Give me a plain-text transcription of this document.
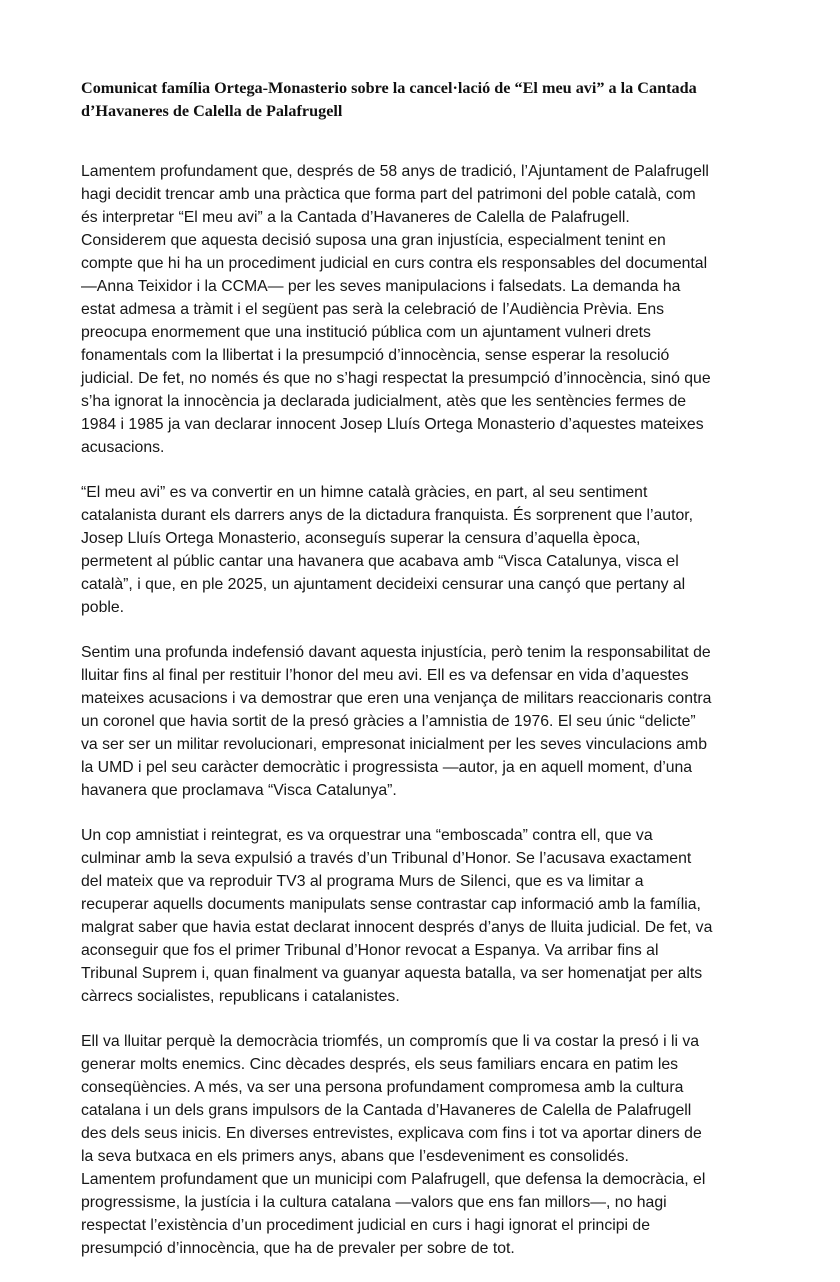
Comunicat família Ortega-Monasterio sobre la cancel·lació de “El meu avi” a la Cantada
d’Havaneres de Calella de Palafrugell
Lamentem profundament que, després de 58 anys de tradició, l’Ajuntament de Palafrugell
hagi decidit trencar amb una pràctica que forma part del patrimoni del poble català, com
és interpretar “El meu avi” a la Cantada d’Havaneres de Calella de Palafrugell.
Considerem que aquesta decisió suposa una gran injustícia, especialment tenint en
compte que hi ha un procediment judicial en curs contra els responsables del documental
—Anna Teixidor i la CCMA— per les seves manipulacions i falsedats. La demanda ha
estat admesa a tràmit i el següent pas serà la celebració de l’Audiència Prèvia. Ens
preocupa enormement que una institució pública com un ajuntament vulneri drets
fonamentals com la llibertat i la presumpció d’innocència, sense esperar la resolució
judicial. De fet, no només és que no s’hagi respectat la presumpció d’innocència, sinó que
s’ha ignorat la innocència ja declarada judicialment, atès que les sentències fermes de
1984 i 1985 ja van declarar innocent Josep Lluís Ortega Monasterio d’aquestes mateixes
acusacions.
“El meu avi” es va convertir en un himne català gràcies, en part, al seu sentiment
catalanista durant els darrers anys de la dictadura franquista. És sorprenent que l’autor,
Josep Lluís Ortega Monasterio, aconseguís superar la censura d’aquella època,
permetent al públic cantar una havanera que acabava amb “Visca Catalunya, visca el
català”, i que, en ple 2025, un ajuntament decideixi censurar una cançó que pertany al
poble.
Sentim una profunda indefensió davant aquesta injustícia, però tenim la responsabilitat de
lluitar fins al final per restituir l’honor del meu avi. Ell es va defensar en vida d’aquestes
mateixes acusacions i va demostrar que eren una venjança de militars reaccionaris contra
un coronel que havia sortit de la presó gràcies a l’amnistia de 1976. El seu únic “delicte”
va ser ser un militar revolucionari, empresonat inicialment per les seves vinculacions amb
la UMD i pel seu caràcter democràtic i progressista —autor, ja en aquell moment, d’una
havanera que proclamava “Visca Catalunya”.
Un cop amnistiat i reintegrat, es va orquestrar una “emboscada” contra ell, que va
culminar amb la seva expulsió a través d’un Tribunal d’Honor. Se l’acusava exactament
del mateix que va reproduir TV3 al programa Murs de Silenci, que es va limitar a
recuperar aquells documents manipulats sense contrastar cap informació amb la família,
malgrat saber que havia estat declarat innocent després d’anys de lluita judicial. De fet, va
aconseguir que fos el primer Tribunal d’Honor revocat a Espanya. Va arribar fins al
Tribunal Suprem i, quan finalment va guanyar aquesta batalla, va ser homenatjat per alts
càrrecs socialistes, republicans i catalanistes.
Ell va lluitar perquè la democràcia triomfés, un compromís que li va costar la presó i li va
generar molts enemics. Cinc dècades després, els seus familiars encara en patim les
conseqüències. A més, va ser una persona profundament compromesa amb la cultura
catalana i un dels grans impulsors de la Cantada d’Havaneres de Calella de Palafrugell
des dels seus inicis. En diverses entrevistes, explicava com fins i tot va aportar diners de
la seva butxaca en els primers anys, abans que l’esdeveniment es consolidés.
Lamentem profundament que un municipi com Palafrugell, que defensa la democràcia, el
progressisme, la justícia i la cultura catalana —valors que ens fan millors—, no hagi
respectat l’existència d’un procediment judicial en curs i hagi ignorat el principi de
presumpció d’innocència, que ha de prevaler per sobre de tot.
